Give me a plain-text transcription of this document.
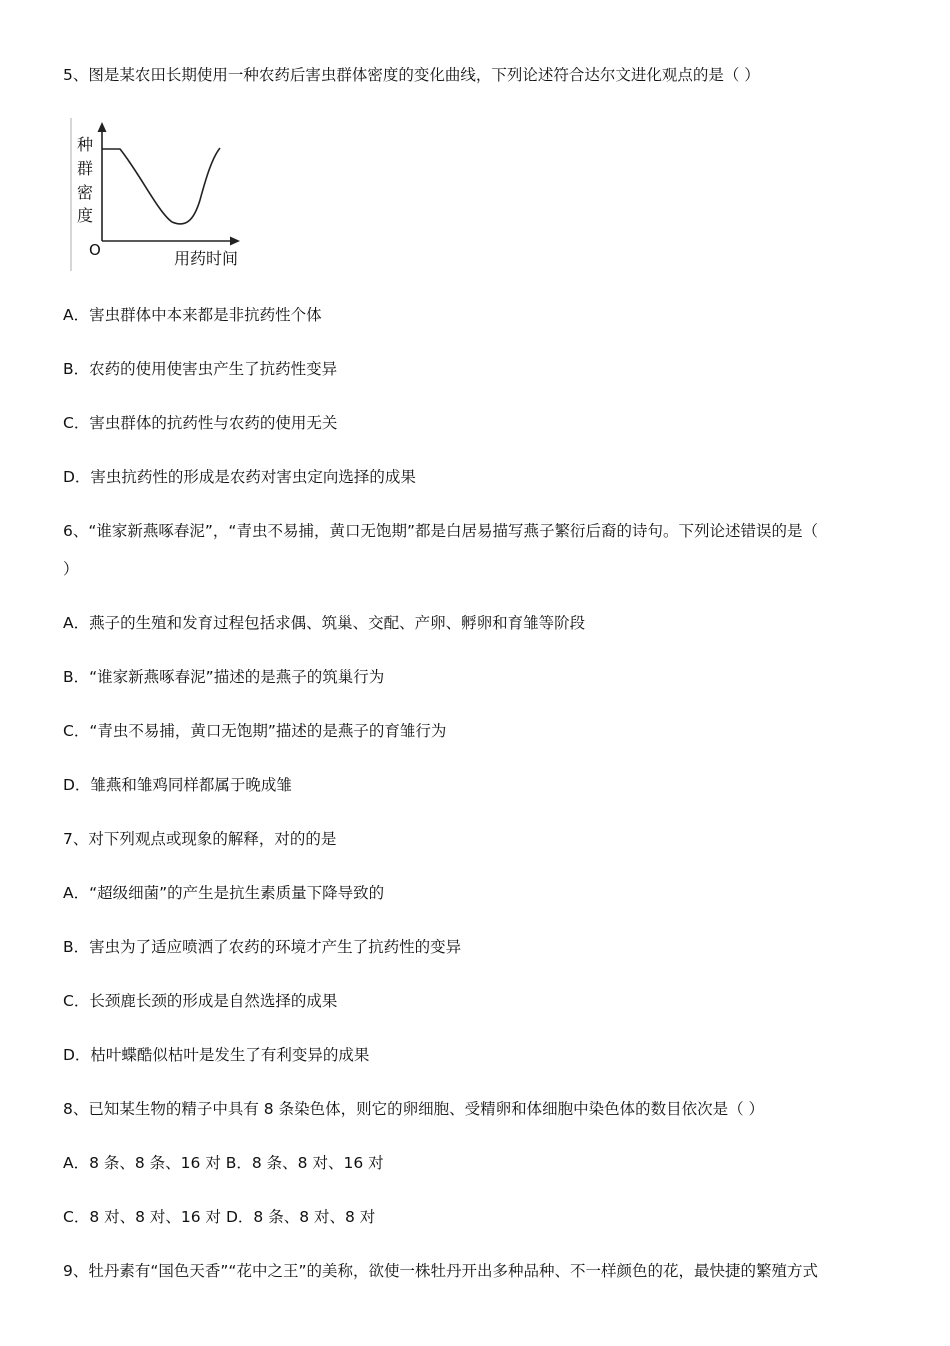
5、图是某农田长期使用一种农药后害虫群体密度的变化曲线，下列论述符合达尔文进化观点的是（ ）
种
群
密
度
O	用药时间
A．害虫群体中本来都是非抗药性个体
B．农药的使用使害虫产生了抗药性变异
C．害虫群体的抗药性与农药的使用无关
D．害虫抗药性的形成是农药对害虫定向选择的成果
6、“谁家新燕啄春泥”，“青虫不易捕，黄口无饱期”都是白居易描写燕子繁衍后裔的诗句。下列论述错误的是（
）
A．燕子的生殖和发育过程包括求偶、筑巢、交配、产卵、孵卵和育雏等阶段
B．“谁家新燕啄春泥”描述的是燕子的筑巢行为
C．“青虫不易捕，黄口无饱期”描述的是燕子的育雏行为
D．雏燕和雏鸡同样都属于晚成雏
7、对下列观点或现象的解释，对的的是
A．“超级细菌”的产生是抗生素质量下降导致的
B．害虫为了适应喷洒了农药的环境才产生了抗药性的变异
C．长颈鹿长颈的形成是自然选择的成果
D．枯叶蝶酷似枯叶是发生了有利变异的成果
8、已知某生物的精子中具有 8 条染色体，则它的卵细胞、受精卵和体细胞中染色体的数目依次是（ ）
A．8 条、8 条、16 对 B．8 条、8 对、16 对
C．8 对、8 对、16 对 D．8 条、8 对、8 对
9、牡丹素有“国色天香”“花中之王”的美称，欲使一株牡丹开出多种品种、不一样颜色的花，最快捷的繁殖方式
